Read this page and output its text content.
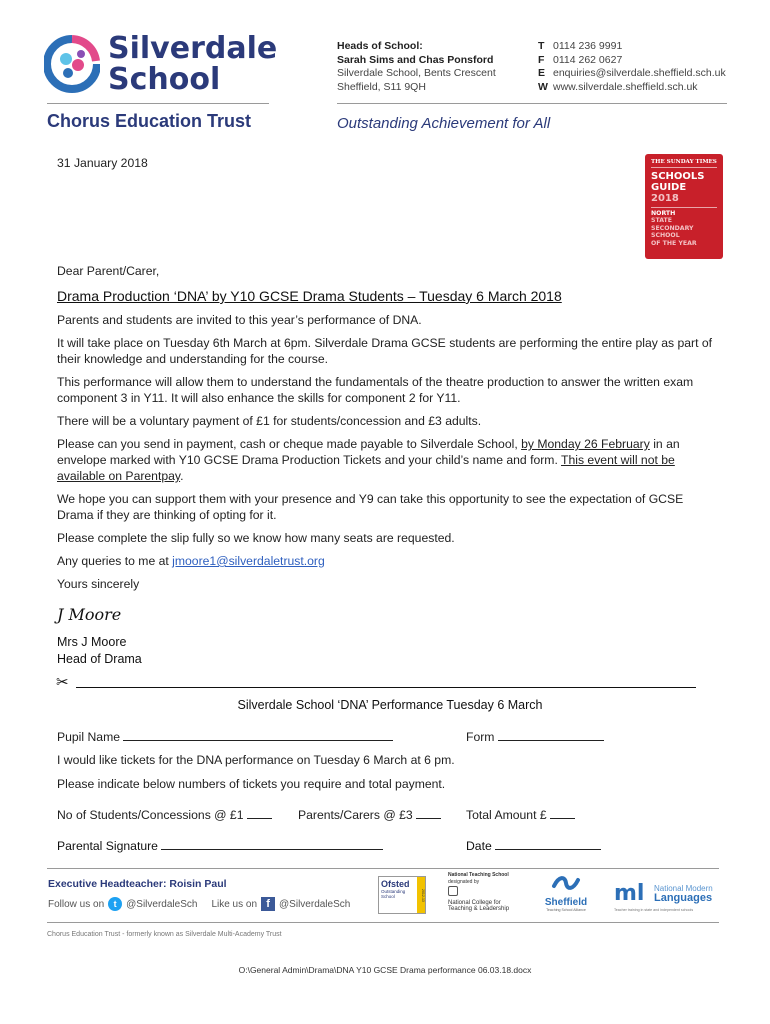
Silverdale
School
Chorus Education Trust
Heads of School:
Sarah Sims and Chas Ponsford
Silverdale School, Bents Crescent
Sheffield, S11 9QH
T 0114 236 9991
F 0114 262 0627
E enquiries@silverdale.sheffield.sch.uk
W www.silverdale.sheffield.sch.uk
Outstanding Achievement for All
THE SUNDAY TIMES
SCHOOLS
GUIDE
2018
NORTH
STATE
SECONDARY
SCHOOL
OF THE YEAR
31 January 2018
Dear Parent/Carer,
Drama Production ‘DNA’ by Y10 GCSE Drama Students – Tuesday 6 March 2018
Parents and students are invited to this year’s performance of DNA.
It will take place on Tuesday 6th March at 6pm. Silverdale Drama GCSE students are performing the entire play as part of their knowledge and understanding for the course.
This performance will allow them to understand the fundamentals of the theatre production to answer the written exam component 3 in Y11. It will also enhance the skills for component 2 for Y11.
There will be a voluntary payment of £1 for students/concession and £3 adults.
Please can you send in payment, cash or cheque made payable to Silverdale School, by Monday 26 February in an envelope marked with Y10 GCSE Drama Production Tickets and your child’s name and form. This event will not be available on Parentpay.
We hope you can support them with your presence and Y9 can take this opportunity to see the expectation of GCSE Drama if they are thinking of opting for it.
Please complete the slip fully so we know how many seats are requested.
Any queries to me at jmoore1@silverdaletrust.org
Yours sincerely
J Moore
Mrs J Moore
Head of Drama
✂
Silverdale School ‘DNA’ Performance Tuesday 6 March
Pupil Name	Form
I would like tickets for the DNA performance on Tuesday 6 March at 6 pm.
Please indicate below numbers of tickets you require and total payment.
No of Students/Concessions @ £1	Parents/Carers @ £3	Total Amount £
Parental Signature	Date
Executive Headteacher: Roisin Paul
Follow us on	t @SilverdaleSch Like us on f @SilverdaleSch
Ofsted
Outstanding
School	2012-13
National Teaching School
designated by
National College for
Teaching & Leadership
Sheffield
Teaching School Alliance
ml National Modern
Languages
Teacher training in state and independent schools
Chorus Education Trust - formerly known as Silverdale Multi-Academy Trust
O:\General Admin\Drama\DNA Y10 GCSE Drama performance 06.03.18.docx
